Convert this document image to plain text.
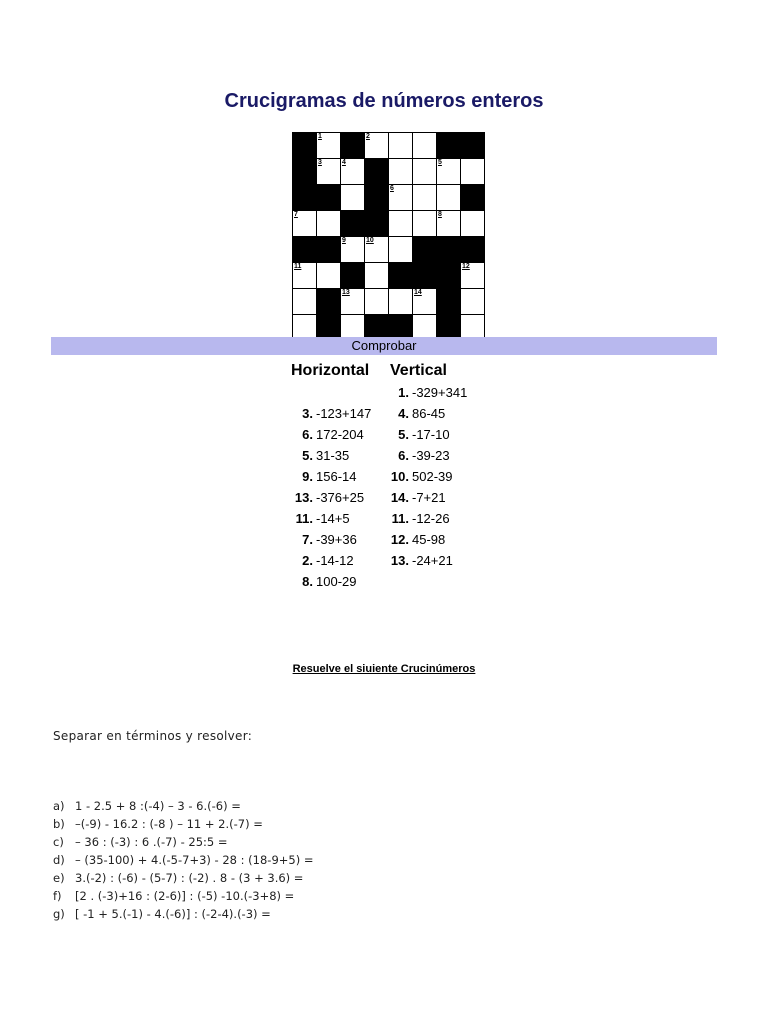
Crucigramas de números enteros

	1		2				

	3	4				5	

				6			

7						8	

		9	10				

11							12

		13			14		

Comprobar
Horizontal	Vertical
3. -123+147
6. 172-204
5. 31-35
9. 156-14
13. -376+25
11. -14+5
7. -39+36
2. -14-12
8. 100-29
1. -329+341
4. 86-45
5. -17-10
6. -39-23
10. 502-39
14. -7+21
11. -12-26
12. 45-98
13. -24+21
Resuelve el siuiente Crucinúmeros
Separar en términos y resolver:
a) 1 - 2.5 + 8 :(-4) – 3 - 6.(-6) =
b) –(-9) - 16.2 : (-8 ) – 11 + 2.(-7) =
c) – 36 : (-3) : 6 .(-7) - 25:5 =
d) – (35-100) + 4.(-5-7+3) - 28 : (18-9+5) =
e) 3.(-2) : (-6) - (5-7) : (-2) . 8 - (3 + 3.6) =
f) [2 . (-3)+16 : (2-6)] : (-5) -10.(-3+8) =
g) [ -1 + 5.(-1) - 4.(-6)] : (-2-4).(-3) =
